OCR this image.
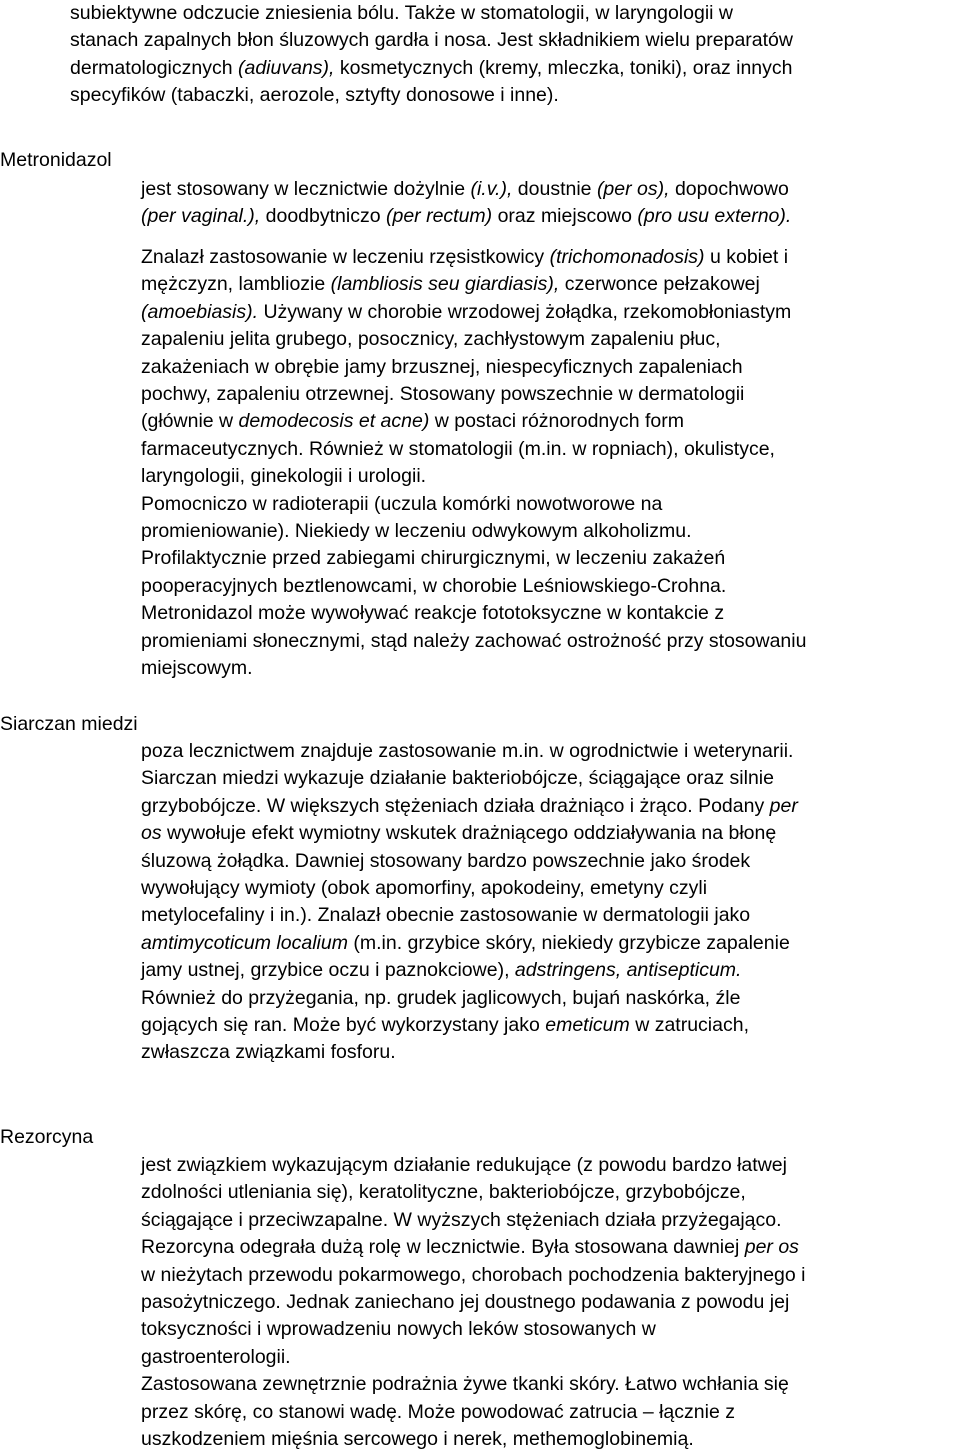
subiektywne odczucie zniesienia bólu. Także w stomatologii, w laryngologii w
stanach zapalnych błon śluzowych gardła i nosa. Jest składnikiem wielu preparatów
dermatologicznych (adiuvans), kosmetycznych (kremy, mleczka, toniki), oraz innych
specyfików (tabaczki, aerozole, sztyfty donosowe i inne).
Metronidazol
jest stosowany w lecznictwie dożylnie (i.v.), doustnie (per os), dopochwowo
(per vaginal.), doodbytniczo (per rectum) oraz miejscowo (pro usu externo).
Znalazł zastosowanie w leczeniu rzęsistkowicy (trichomonadosis) u kobiet i
mężczyzn, lambliozie (lambliosis seu giardiasis), czerwonce pełzakowej
(amoebiasis). Używany w chorobie wrzodowej żołądka, rzekomobłoniastym
zapaleniu jelita grubego, posocznicy, zachłystowym zapaleniu płuc,
zakażeniach w obrębie jamy brzusznej, niespecyficznych zapaleniach
pochwy, zapaleniu otrzewnej. Stosowany powszechnie w dermatologii
(głównie w demodecosis et acne) w postaci różnorodnych form
farmaceutycznych. Również w stomatologii (m.in. w ropniach), okulistyce,
laryngologii, ginekologii i urologii.
Pomocniczo w radioterapii (uczula komórki nowotworowe na
promieniowanie). Niekiedy w leczeniu odwykowym alkoholizmu.
Profilaktycznie przed zabiegami chirurgicznymi, w leczeniu zakażeń
pooperacyjnych beztlenowcami, w chorobie Leśniowskiego-Crohna.
Metronidazol może wywoływać reakcje fototoksyczne w kontakcie z
promieniami słonecznymi, stąd należy zachować ostrożność przy stosowaniu
miejscowym.
Siarczan miedzi
poza lecznictwem znajduje zastosowanie m.in. w ogrodnictwie i weterynarii.
Siarczan miedzi wykazuje działanie bakteriobójcze, ściągające oraz silnie
grzybobójcze. W większych stężeniach działa drażniąco i żrąco. Podany per
os wywołuje efekt wymiotny wskutek drażniącego oddziaływania na błonę
śluzową żołądka. Dawniej stosowany bardzo powszechnie jako środek
wywołujący wymioty (obok apomorfiny, apokodeiny, emetyny czyli
metylocefaliny i in.). Znalazł obecnie zastosowanie w dermatologii jako
amtimycoticum localium (m.in. grzybice skóry, niekiedy grzybicze zapalenie
jamy ustnej, grzybice oczu i paznokciowe), adstringens, antisepticum.
Również do przyżegania, np. grudek jaglicowych, bujań naskórka, źle
gojących się ran. Może być wykorzystany jako emeticum w zatruciach,
zwłaszcza związkami fosforu.
Rezorcyna
jest związkiem wykazującym działanie redukujące (z powodu bardzo łatwej
zdolności utleniania się), keratolityczne, bakteriobójcze, grzybobójcze,
ściągające i przeciwzapalne. W wyższych stężeniach działa przyżegająco.
Rezorcyna odegrała dużą rolę w lecznictwie. Była stosowana dawniej per os
w nieżytach przewodu pokarmowego, chorobach pochodzenia bakteryjnego i
pasożytniczego. Jednak zaniechano jej doustnego podawania z powodu jej
toksyczności i wprowadzeniu nowych leków stosowanych w
gastroenterologii.
Zastosowana zewnętrznie podrażnia żywe tkanki skóry. Łatwo wchłania się
przez skórę, co stanowi wadę. Może powodować zatrucia – łącznie z
uszkodzeniem mięśnia sercowego i nerek, methemoglobinemią.
